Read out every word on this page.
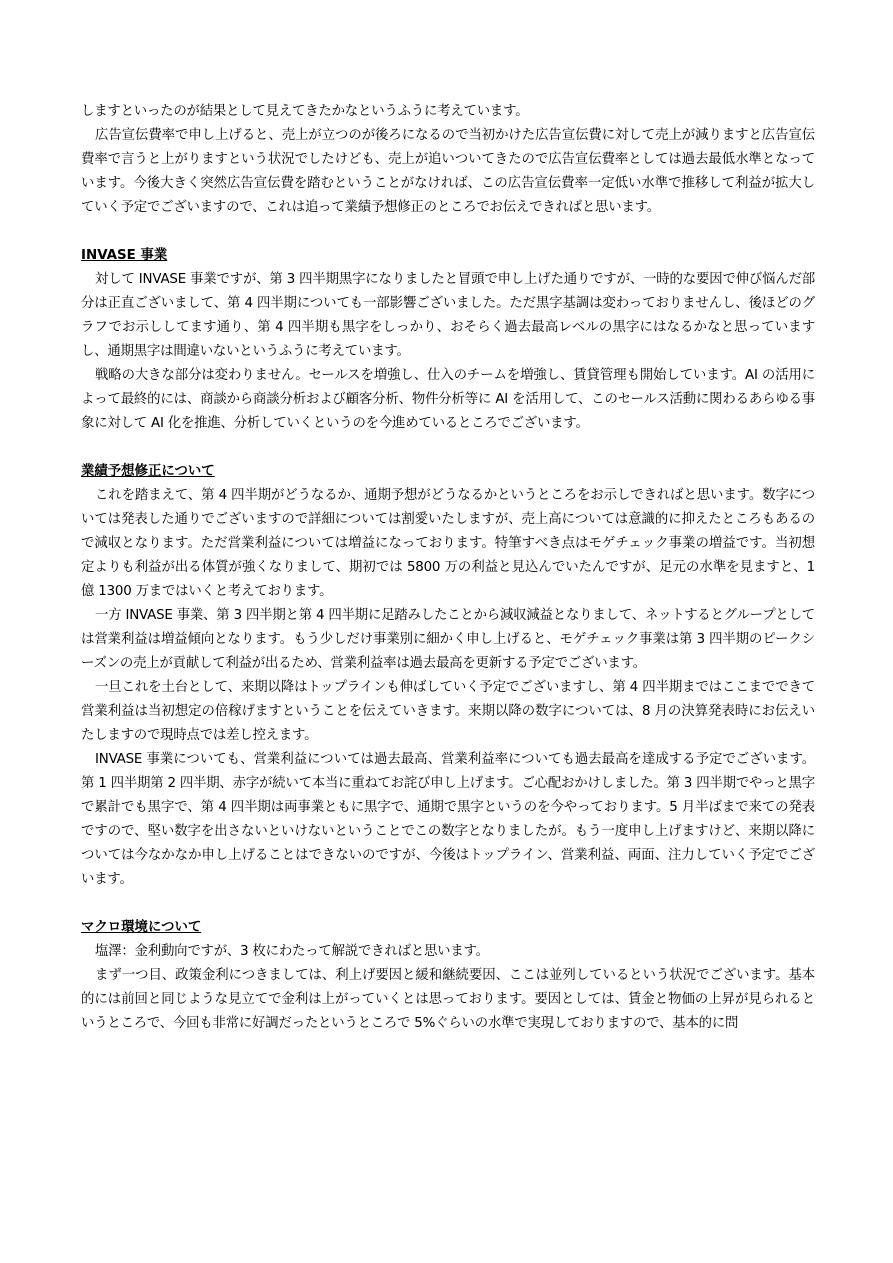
しますといったのが結果として見えてきたかなというふうに考えています。

広告宣伝費率で申し上げると、売上が立つのが後ろになるので当初かけた広告宣伝費に対して売上が減りますと広告宣伝費率で言うと上がりますという状況でしたけども、売上が追いついてきたので広告宣伝費率としては過去最低水準となっています。今後大きく突然広告宣伝費を踏むということがなければ、この広告宣伝費率一定低い水準で推移して利益が拡大していく予定でございますので、これは追って業績予想修正のところでお伝えできればと思います。

INVASE 事業

対して INVASE 事業ですが、第 3 四半期黒字になりましたと冒頭で申し上げた通りですが、一時的な要因で伸び悩んだ部分は正直ございまして、第 4 四半期についても一部影響ございました。ただ黒字基調は変わっておりませんし、後ほどのグラフでお示ししてます通り、第 4 四半期も黒字をしっかり、おそらく過去最高レベルの黒字にはなるかなと思っていますし、通期黒字は間違いないというふうに考えています。

戦略の大きな部分は変わりません。セールスを増強し、仕入のチームを増強し、賃貸管理も開始しています。AI の活用によって最終的には、商談から商談分析および顧客分析、物件分析等に AI を活用して、このセールス活動に関わるあらゆる事象に対して AI 化を推進、分析していくというのを今進めているところでございます。

業績予想修正について

これを踏まえて、第 4 四半期がどうなるか、通期予想がどうなるかというところをお示しできればと思います。数字については発表した通りでございますので詳細については割愛いたしますが、売上高については意識的に抑えたところもあるので減収となります。ただ営業利益については増益になっております。特筆すべき点はモゲチェック事業の増益です。当初想定よりも利益が出る体質が強くなりまして、期初では 5800 万の利益と見込んでいたんですが、足元の水準を見ますと、1 億 1300 万まではいくと考えております。

一方 INVASE 事業、第 3 四半期と第 4 四半期に足踏みしたことから減収減益となりまして、ネットするとグループとしては営業利益は増益傾向となります。もう少しだけ事業別に細かく申し上げると、モゲチェック事業は第 3 四半期のピークシーズンの売上が貢献して利益が出るため、営業利益率は過去最高を更新する予定でございます。

一旦これを土台として、来期以降はトップラインも伸ばしていく予定でございますし、第 4 四半期まではここまでできて営業利益は当初想定の倍稼げますということを伝えていきます。来期以降の数字については、8 月の決算発表時にお伝えいたしますので現時点では差し控えます。

INVASE 事業についても、営業利益については過去最高、営業利益率についても過去最高を達成する予定でございます。第 1 四半期第 2 四半期、赤字が続いて本当に重ねてお詫び申し上げます。ご心配おかけしました。第 3 四半期でやっと黒字で累計でも黒字で、第 4 四半期は両事業ともに黒字で、通期で黒字というのを今やっております。5 月半ばまで来ての発表ですので、堅い数字を出さないといけないということでこの数字となりましたが。もう一度申し上げますけど、来期以降については今なかなか申し上げることはできないのですが、今後はトップライン、営業利益、両面、注力していく予定でございます。

マクロ環境について

塩澤：金利動向ですが、3 枚にわたって解説できればと思います。

まず一つ目、政策金利につきましては、利上げ要因と緩和継続要因、ここは並列しているという状況でございます。基本的には前回と同じような見立てで金利は上がっていくとは思っております。要因としては、賃金と物価の上昇が見られるというところで、今回も非常に好調だったというところで 5%ぐらいの水準で実現しておりますので、基本的に問
